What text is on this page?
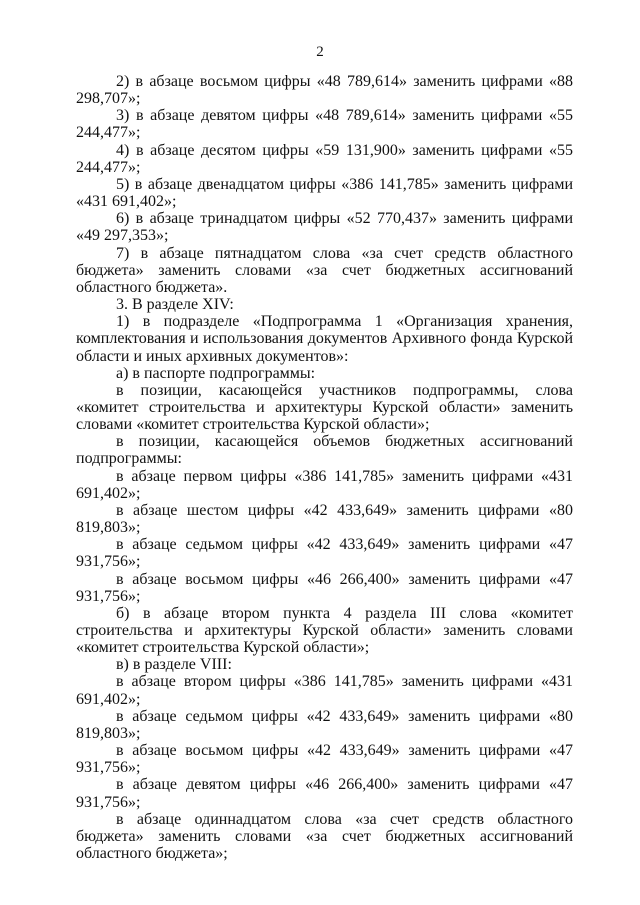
2

2) в абзаце восьмом цифры «48 789,614» заменить цифрами «88 298,707»;

3) в абзаце девятом цифры «48 789,614» заменить цифрами «55 244,477»;

4) в абзаце десятом цифры «59 131,900» заменить цифрами «55 244,477»;

5) в абзаце двенадцатом цифры «386 141,785» заменить цифрами «431 691,402»;

6) в абзаце тринадцатом цифры «52 770,437» заменить цифрами «49 297,353»;

7) в абзаце пятнадцатом слова «за счет средств областного бюджета» заменить словами «за счет бюджетных ассигнований областного бюджета».

3. В разделе XIV:

1) в подразделе «Подпрограмма 1 «Организация хранения, комплектования и использования документов Архивного фонда Курской области и иных архивных документов»:

а) в паспорте подпрограммы:

в позиции, касающейся участников подпрограммы, слова «комитет строительства и архитектуры Курской области» заменить словами «комитет строительства Курской области»;

в позиции, касающейся объемов бюджетных ассигнований подпрограммы:

в абзаце первом цифры «386 141,785» заменить цифрами «431 691,402»;

в абзаце шестом цифры «42 433,649» заменить цифрами «80 819,803»;

в абзаце седьмом цифры «42 433,649» заменить цифрами «47 931,756»;

в абзаце восьмом цифры «46 266,400» заменить цифрами «47 931,756»;

б) в абзаце втором пункта 4 раздела III слова «комитет строительства и архитектуры Курской области» заменить словами «комитет строительства Курской области»;

в) в разделе VIII:

в абзаце втором цифры «386 141,785» заменить цифрами «431 691,402»;

в абзаце седьмом цифры «42 433,649» заменить цифрами «80 819,803»;

в абзаце восьмом цифры «42 433,649» заменить цифрами «47 931,756»;

в абзаце девятом цифры «46 266,400» заменить цифрами «47 931,756»;

в абзаце одиннадцатом слова «за счет средств областного бюджета» заменить словами «за счет бюджетных ассигнований областного бюджета»;
